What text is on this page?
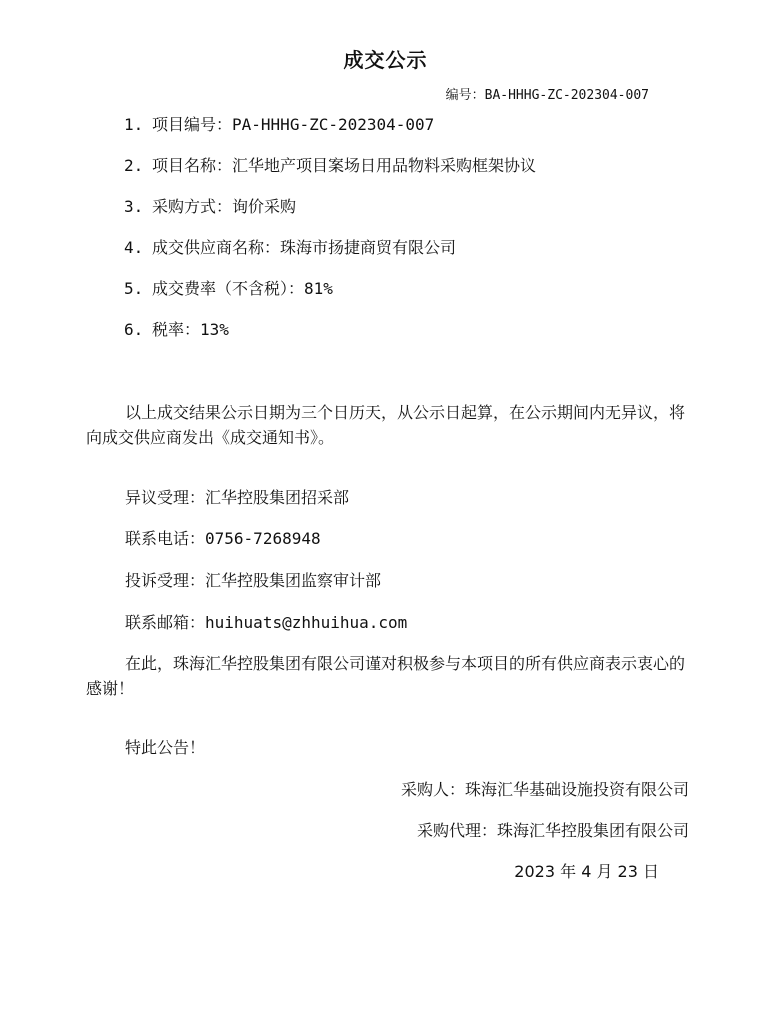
成交公示
编号：BA-HHHG-ZC-202304-007
1. 项目编号：PA-HHHG-ZC-202304-007
2. 项目名称：汇华地产项目案场日用品物料采购框架协议
3. 采购方式：询价采购
4. 成交供应商名称：珠海市扬捷商贸有限公司
5. 成交费率（不含税）：81%
6. 税率：13%
以上成交结果公示日期为三个日历天，从公示日起算，在公示期间内无异议，将向成交供应商发出《成交通知书》。
异议受理：汇华控股集团招采部
联系电话：0756-7268948
投诉受理：汇华控股集团监察审计部
联系邮箱：huihuats@zhhuihua.com
在此，珠海汇华控股集团有限公司谨对积极参与本项目的所有供应商表示衷心的感谢！
特此公告！
采购人：珠海汇华基础设施投资有限公司
采购代理：珠海汇华控股集团有限公司
2023 年 4 月 23 日
